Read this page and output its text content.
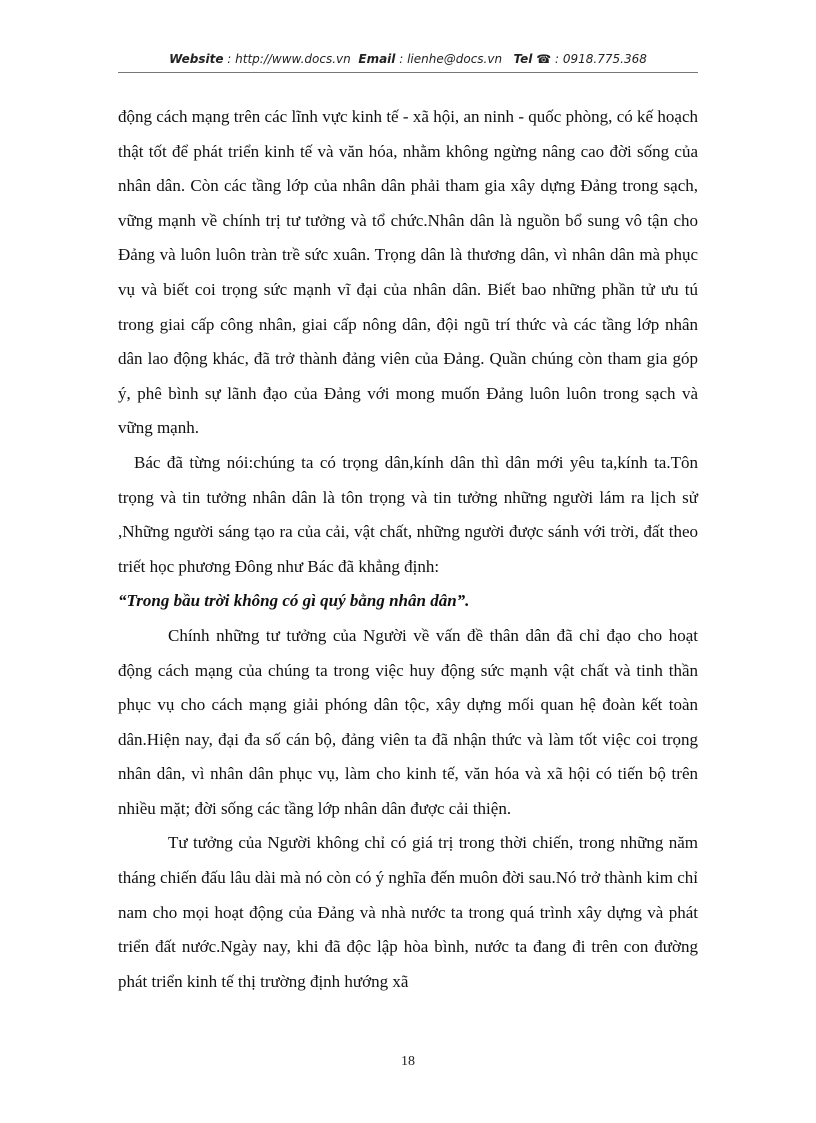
Website : http://www.docs.vn Email : lienhe@docs.vn Tel ☎ : 0918.775.368

động cách mạng trên các lĩnh vực kinh tế - xã hội, an ninh - quốc phòng, có kế hoạch thật tốt để phát triển kinh tế và văn hóa, nhằm không ngừng nâng cao đời sống của nhân dân. Còn các tầng lớp của nhân dân phải tham gia xây dựng Đảng trong sạch, vững mạnh về chính trị tư tưởng và tổ chức.Nhân dân là nguồn bổ sung vô tận cho Đảng và luôn luôn tràn trề sức xuân. Trọng dân là thương dân, vì nhân dân mà phục vụ và biết coi trọng sức mạnh vĩ đại của nhân dân. Biết bao những phần tử ưu tú trong giai cấp công nhân, giai cấp nông dân, đội ngũ trí thức và các tầng lớp nhân dân lao động khác, đã trở thành đảng viên của Đảng. Quần chúng còn tham gia góp ý, phê bình sự lãnh đạo của Đảng với mong muốn Đảng luôn luôn trong sạch và vững mạnh.

Bác đã từng nói:chúng ta có trọng dân,kính dân thì dân mới yêu ta,kính ta.Tôn trọng và tin tưởng nhân dân là tôn trọng và tin tưởng những người lám ra lịch sử ,Những người sáng tạo ra của cải, vật chất, những người được sánh với trời, đất theo triết học phương Đông như Bác đã khẳng định:

“Trong bầu trời không có gì quý bằng nhân dân”.

Chính những tư tưởng của Người về vấn đề thân dân đã chỉ đạo cho hoạt động cách mạng của chúng ta trong việc huy động sức mạnh vật chất và tinh thần phục vụ cho cách mạng giải phóng dân tộc, xây dựng mối quan hệ đoàn kết toàn dân.Hiện nay, đại đa số cán bộ, đảng viên ta đã nhận thức và làm tốt việc coi trọng nhân dân, vì nhân dân phục vụ, làm cho kinh tế, văn hóa và xã hội có tiến bộ trên nhiều mặt; đời sống các tầng lớp nhân dân được cải thiện.

Tư tưởng của Người không chỉ có giá trị trong thời chiến, trong những năm tháng chiến đấu lâu dài mà nó còn có ý nghĩa đến muôn đời sau.Nó trở thành kim chỉ nam cho mọi hoạt động của Đảng và nhà nước ta trong quá trình xây dựng và phát triển đất nước.Ngày nay, khi đã độc lập hòa bình, nước ta đang đi trên con đường phát triển kinh tế thị trường định hướng xã

18
